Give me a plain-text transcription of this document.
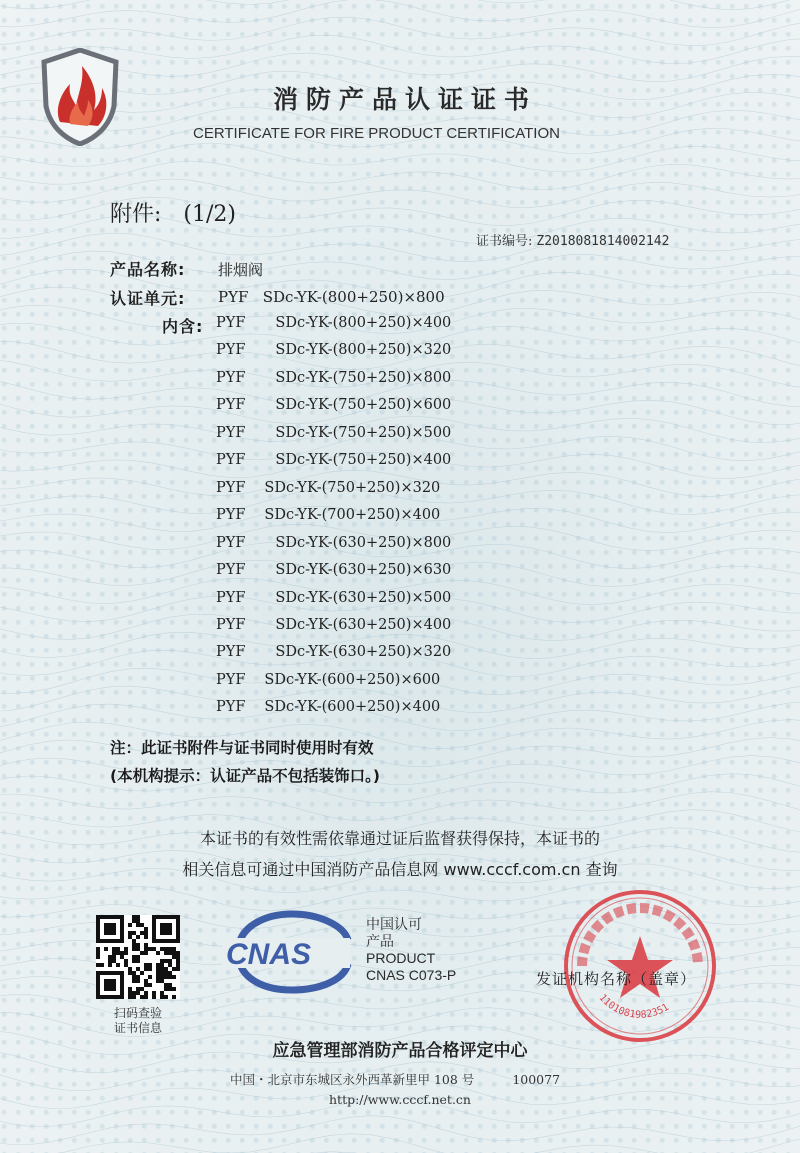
消防产品认证证书
CERTIFICATE FOR FIRE PRODUCT CERTIFICATION
附件: (1/2)
证书编号: Z2018081814002142
产品名称: 排烟阀
认证单元: PYF   SDc-YK-(800+250)×800
内含: PYF SDc-YK-(800+250)×400
PYF SDc-YK-(800+250)×320
PYF SDc-YK-(750+250)×800
PYF SDc-YK-(750+250)×600
PYF SDc-YK-(750+250)×500
PYF SDc-YK-(750+250)×400
PYF SDc-YK-(750+250)×320
PYF SDc-YK-(700+250)×400
PYF SDc-YK-(630+250)×800
PYF SDc-YK-(630+250)×630
PYF SDc-YK-(630+250)×500
PYF SDc-YK-(630+250)×400
PYF SDc-YK-(630+250)×320
PYF SDc-YK-(600+250)×600
PYF SDc-YK-(600+250)×400
注：此证书附件与证书同时使用时有效
(本机构提示：认证产品不包括装饰口。)
本证书的有效性需依靠通过证后监督获得保持，本证书的
相关信息可通过中国消防产品信息网 www.cccf.com.cn 查询
扫码查验
证书信息
CNAS
中国认可
产品
PRODUCT
CNAS C073-P
1101081982351
发证机构名称（盖章）
应急管理部消防产品合格评定中心
中国・北京市东城区永外西革新里甲 108 号	100077
http://www.cccf.net.cn
